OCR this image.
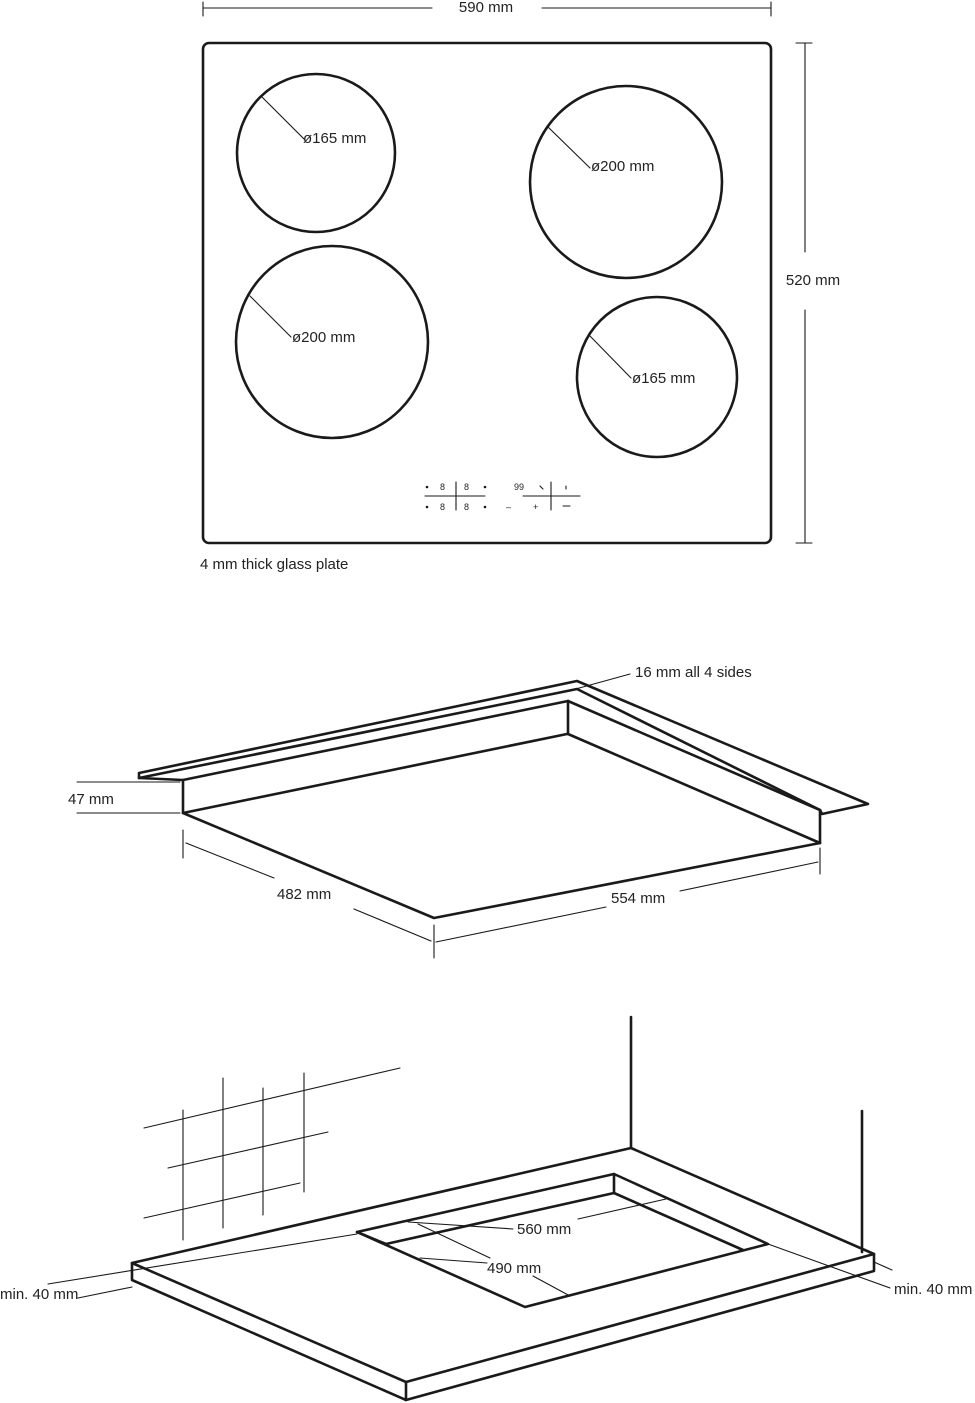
590 mm
520 mm
ø165 mm
ø200 mm
ø200 mm
ø165 mm
8 8
8 8
99
– +
4 mm thick glass plate
16 mm all 4 sides
47 mm
482 mm	554 mm
560 mm
490 mm
min. 40 mm	min. 40 mm
